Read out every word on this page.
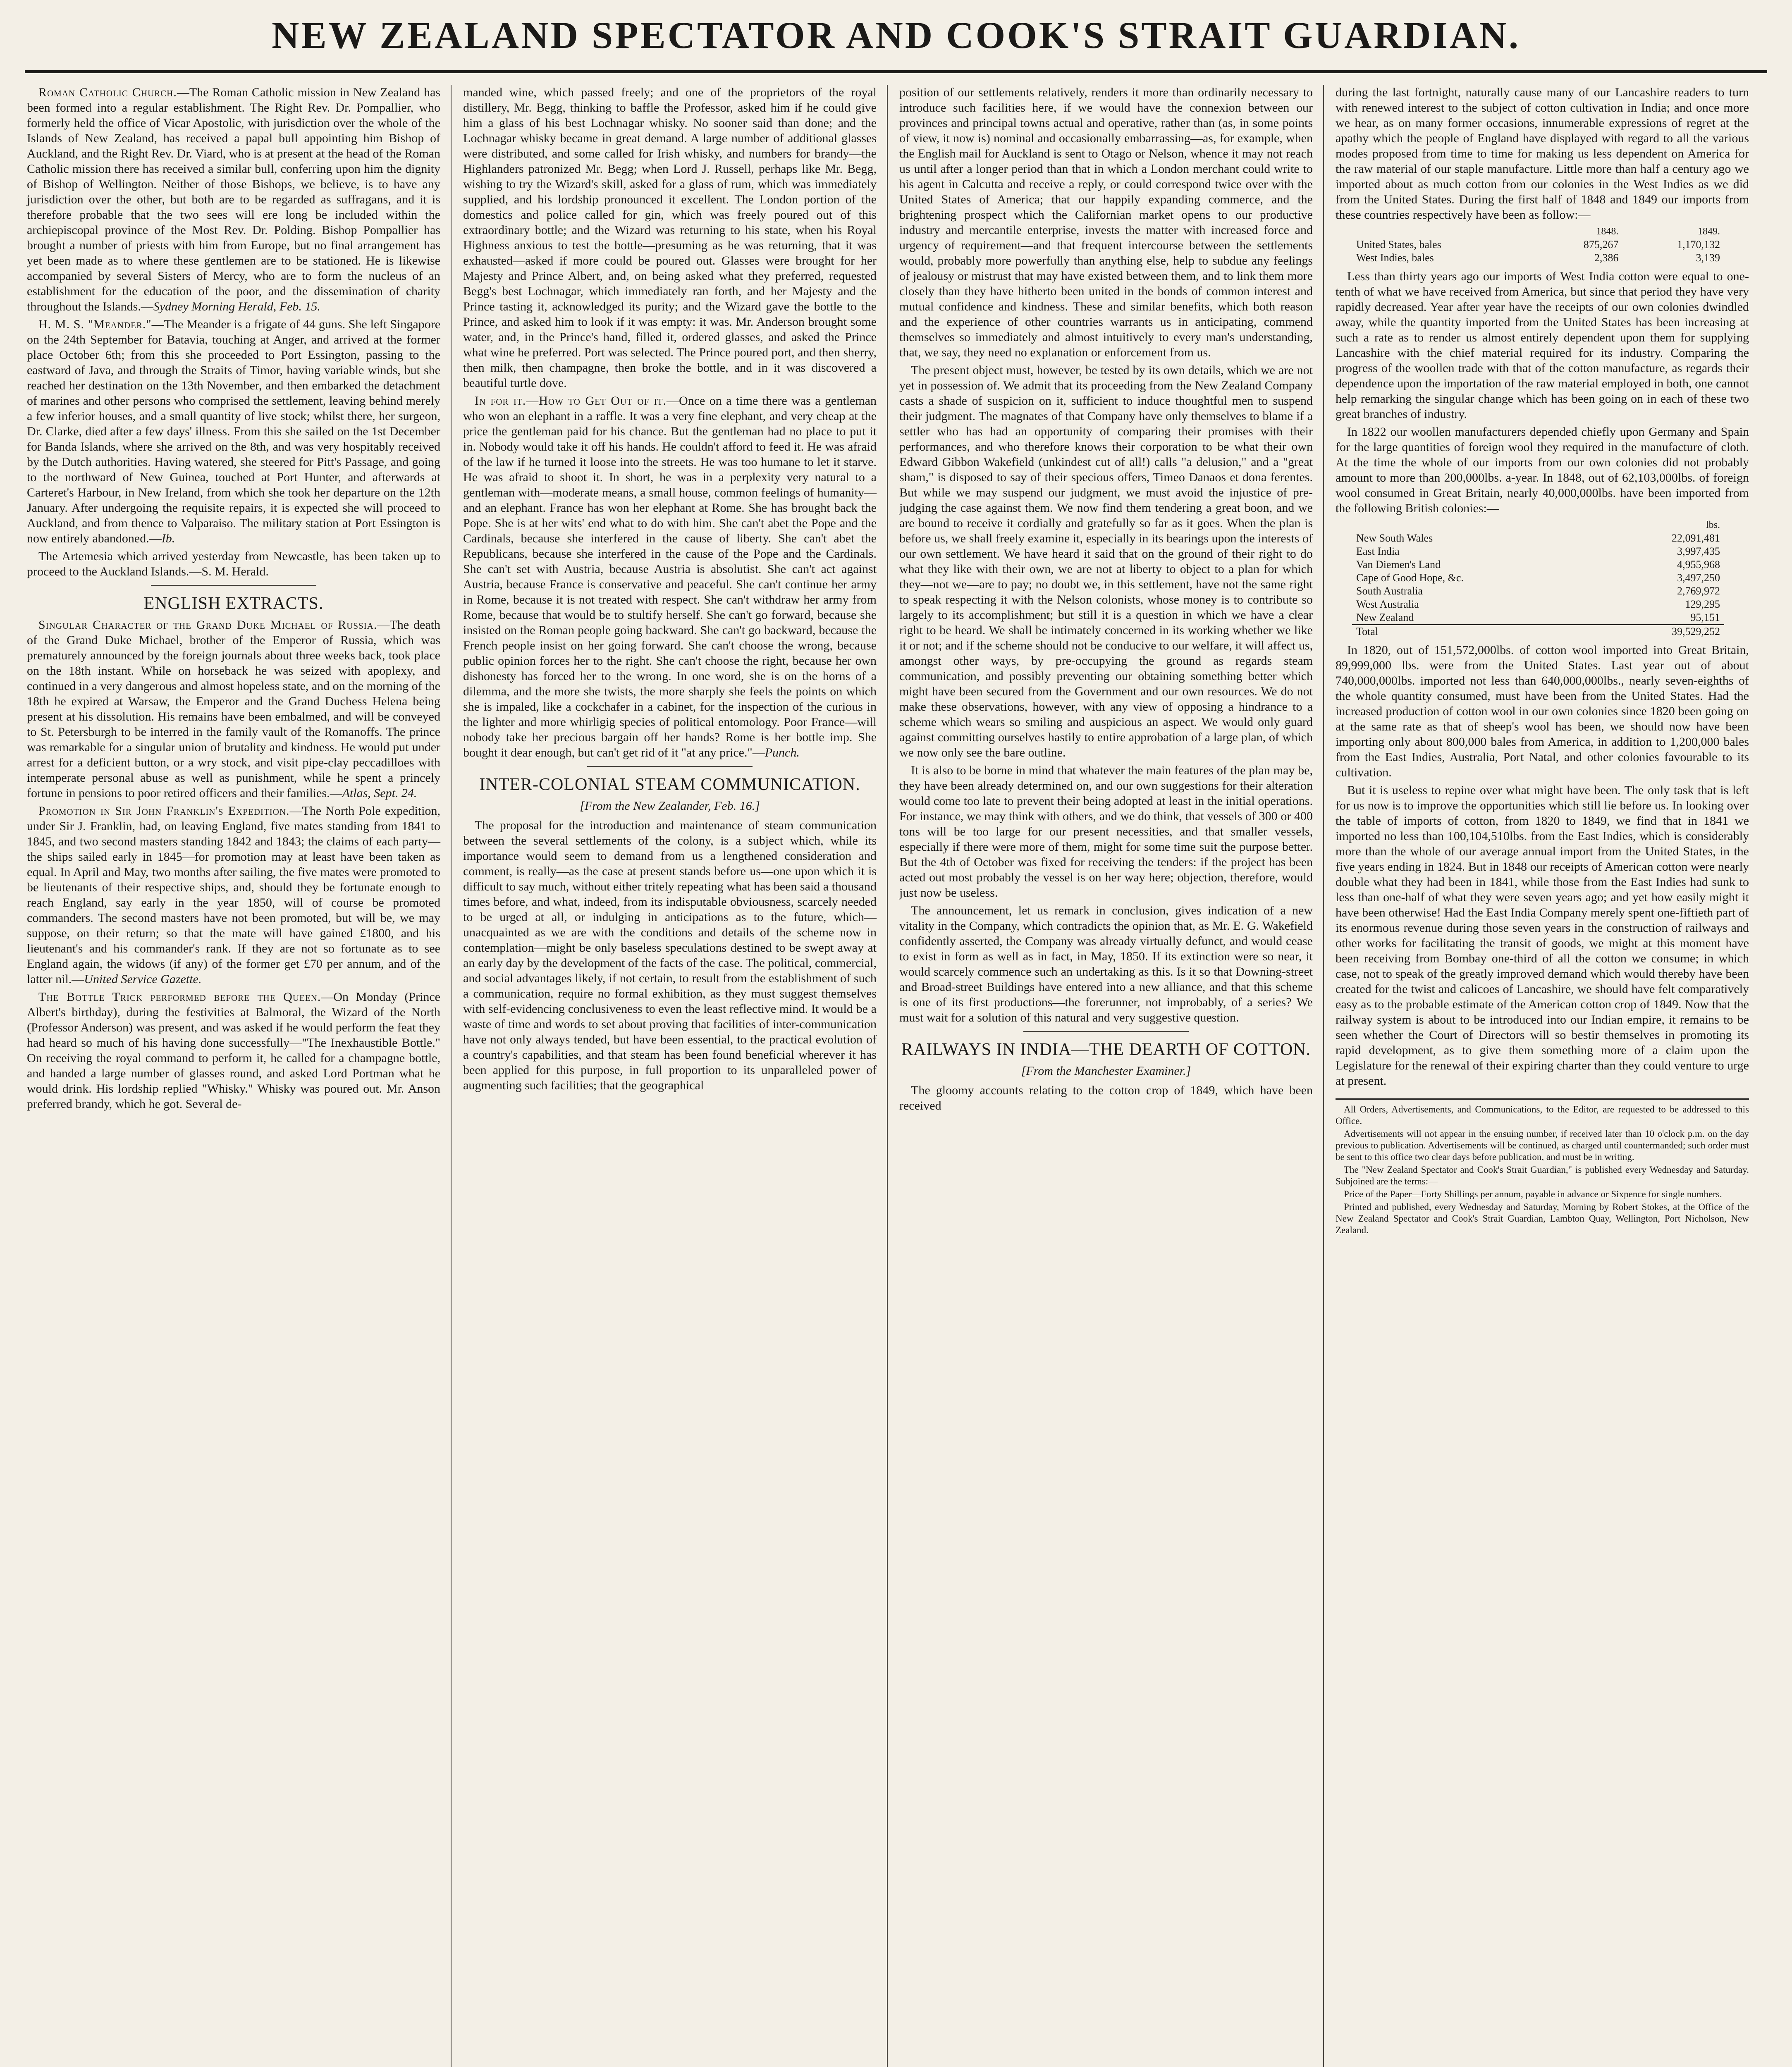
NEW ZEALAND SPECTATOR AND COOK'S STRAIT GUARDIAN.

Roman Catholic Church.—The Roman Catholic mission in New Zealand has been formed into a regular establishment. The Right Rev. Dr. Pompallier, who formerly held the office of Vicar Apostolic, with jurisdiction over the whole of the Islands of New Zealand, has received a papal bull appointing him Bishop of Auckland, and the Right Rev. Dr. Viard, who is at present at the head of the Roman Catholic mission there has received a similar bull, conferring upon him the dignity of Bishop of Wellington. Neither of those Bishops, we believe, is to have any jurisdiction over the other, but both are to be regarded as suffragans, and it is therefore probable that the two sees will ere long be included within the archiepiscopal province of the Most Rev. Dr. Polding. Bishop Pompallier has brought a number of priests with him from Europe, but no final arrangement has yet been made as to where these gentlemen are to be stationed. He is likewise accompanied by several Sisters of Mercy, who are to form the nucleus of an establishment for the education of the poor, and the dissemination of charity throughout the Islands.—Sydney Morning Herald, Feb. 15.

H. M. S. "Meander."—The Meander is a frigate of 44 guns. She left Singapore on the 24th September for Batavia, touching at Anger, and arrived at the former place October 6th; from this she proceeded to Port Essington, passing to the eastward of Java, and through the Straits of Timor, having variable winds, but she reached her destination on the 13th November, and then embarked the detachment of marines and other persons who comprised the settlement, leaving behind merely a few inferior houses, and a small quantity of live stock; whilst there, her surgeon, Dr. Clarke, died after a few days' illness. From this she sailed on the 1st December for Banda Islands, where she arrived on the 8th, and was very hospitably received by the Dutch authorities. Having watered, she steered for Pitt's Passage, and going to the northward of New Guinea, touched at Port Hunter, and afterwards at Carteret's Harbour, in New Ireland, from which she took her departure on the 12th January. After undergoing the requisite repairs, it is expected she will proceed to Auckland, and from thence to Valparaiso. The military station at Port Essington is now entirely abandoned.—Ib.

The Artemesia which arrived yesterday from Newcastle, has been taken up to proceed to the Auckland Islands.—S. M. Herald.

ENGLISH EXTRACTS.

Singular Character of the Grand Duke Michael of Russia.—The death of the Grand Duke Michael, brother of the Emperor of Russia, which was prematurely announced by the foreign journals about three weeks back, took place on the 18th instant. While on horseback he was seized with apoplexy, and continued in a very dangerous and almost hopeless state, and on the morning of the 18th he expired at Warsaw, the Emperor and the Grand Duchess Helena being present at his dissolution. His remains have been embalmed, and will be conveyed to St. Petersburgh to be interred in the family vault of the Romanoffs. The prince was remarkable for a singular union of brutality and kindness. He would put under arrest for a deficient button, or a wry stock, and visit pipe-clay peccadilloes with intemperate personal abuse as well as punishment, while he spent a princely fortune in pensions to poor retired officers and their families.—Atlas, Sept. 24.

Promotion in Sir John Franklin's Expedition.—The North Pole expedition, under Sir J. Franklin, had, on leaving England, five mates standing from 1841 to 1845, and two second masters standing 1842 and 1843; the claims of each party—the ships sailed early in 1845—for promotion may at least have been taken as equal. In April and May, two months after sailing, the five mates were promoted to be lieutenants of their respective ships, and, should they be fortunate enough to reach England, say early in the year 1850, will of course be promoted commanders. The second masters have not been promoted, but will be, we may suppose, on their return; so that the mate will have gained £1800, and his lieutenant's and his commander's rank. If they are not so fortunate as to see England again, the widows (if any) of the former get £70 per annum, and of the latter nil.—United Service Gazette.

The Bottle Trick performed before the Queen.—On Monday (Prince Albert's birthday), during the festivities at Balmoral, the Wizard of the North (Professor Anderson) was present, and was asked if he would perform the feat they had heard so much of his having done successfully—"The Inexhaustible Bottle." On receiving the royal command to perform it, he called for a champagne bottle, and handed a large number of glasses round, and asked Lord Portman what he would drink. His lordship replied "Whisky." Whisky was poured out. Mr. Anson preferred brandy, which he got. Several de-

manded wine, which passed freely; and one of the proprietors of the royal distillery, Mr. Begg, thinking to baffle the Professor, asked him if he could give him a glass of his best Lochnagar whisky. No sooner said than done; and the Lochnagar whisky became in great demand. A large number of additional glasses were distributed, and some called for Irish whisky, and numbers for brandy—the Highlanders patronized Mr. Begg; when Lord J. Russell, perhaps like Mr. Begg, wishing to try the Wizard's skill, asked for a glass of rum, which was immediately supplied, and his lordship pronounced it excellent. The London portion of the domestics and police called for gin, which was freely poured out of this extraordinary bottle; and the Wizard was returning to his state, when his Royal Highness anxious to test the bottle—presuming as he was returning, that it was exhausted—asked if more could be poured out. Glasses were brought for her Majesty and Prince Albert, and, on being asked what they preferred, requested Begg's best Lochnagar, which immediately ran forth, and her Majesty and the Prince tasting it, acknowledged its purity; and the Wizard gave the bottle to the Prince, and asked him to look if it was empty: it was. Mr. Anderson brought some water, and, in the Prince's hand, filled it, ordered glasses, and asked the Prince what wine he preferred. Port was selected. The Prince poured port, and then sherry, then milk, then champagne, then broke the bottle, and in it was discovered a beautiful turtle dove.

In for it.—How to Get Out of it.—Once on a time there was a gentleman who won an elephant in a raffle. It was a very fine elephant, and very cheap at the price the gentleman paid for his chance. But the gentleman had no place to put it in. Nobody would take it off his hands. He couldn't afford to feed it. He was afraid of the law if he turned it loose into the streets. He was too humane to let it starve. He was afraid to shoot it. In short, he was in a perplexity very natural to a gentleman with—moderate means, a small house, common feelings of humanity—and an elephant. France has won her elephant at Rome. She has brought back the Pope. She is at her wits' end what to do with him. She can't abet the Pope and the Cardinals, because she interfered in the cause of liberty. She can't abet the Republicans, because she interfered in the cause of the Pope and the Cardinals. She can't set with Austria, because Austria is absolutist. She can't act against Austria, because France is conservative and peaceful. She can't continue her army in Rome, because it is not treated with respect. She can't withdraw her army from Rome, because that would be to stultify herself. She can't go forward, because she insisted on the Roman people going backward. She can't go backward, because the French people insist on her going forward. She can't choose the wrong, because public opinion forces her to the right. She can't choose the right, because her own dishonesty has forced her to the wrong. In one word, she is on the horns of a dilemma, and the more she twists, the more sharply she feels the points on which she is impaled, like a cockchafer in a cabinet, for the inspection of the curious in the lighter and more whirligig species of political entomology. Poor France—will nobody take her precious bargain off her hands? Rome is her bottle imp. She bought it dear enough, but can't get rid of it "at any price."—Punch.

INTER-COLONIAL STEAM COMMUNICATION.
[From the New Zealander, Feb. 16.]

The proposal for the introduction and maintenance of steam communication between the several settlements of the colony, is a subject which, while its importance would seem to demand from us a lengthened consideration and comment, is really—as the case at present stands before us—one upon which it is difficult to say much, without either tritely repeating what has been said a thousand times before, and what, indeed, from its indisputable obviousness, scarcely needed to be urged at all, or indulging in anticipations as to the future, which—unacquainted as we are with the conditions and details of the scheme now in contemplation—might be only baseless speculations destined to be swept away at an early day by the development of the facts of the case. The political, commercial, and social advantages likely, if not certain, to result from the establishment of such a communication, require no formal exhibition, as they must suggest themselves with self-evidencing conclusiveness to even the least reflective mind. It would be a waste of time and words to set about proving that facilities of inter-communication have not only always tended, but have been essential, to the practical evolution of a country's capabilities, and that steam has been found beneficial wherever it has been applied for this purpose, in full proportion to its unparalleled power of augmenting such facilities; that the geographical

position of our settlements relatively, renders it more than ordinarily necessary to introduce such facilities here, if we would have the connexion between our provinces and principal towns actual and operative, rather than (as, in some points of view, it now is) nominal and occasionally embarrassing—as, for example, when the English mail for Auckland is sent to Otago or Nelson, whence it may not reach us until after a longer period than that in which a London merchant could write to his agent in Calcutta and receive a reply, or could correspond twice over with the United States of America; that our happily expanding commerce, and the brightening prospect which the Californian market opens to our productive industry and mercantile enterprise, invests the matter with increased force and urgency of requirement—and that frequent intercourse between the settlements would, probably more powerfully than anything else, help to subdue any feelings of jealousy or mistrust that may have existed between them, and to link them more closely than they have hitherto been united in the bonds of common interest and mutual confidence and kindness. These and similar benefits, which both reason and the experience of other countries warrants us in anticipating, commend themselves so immediately and almost intuitively to every man's understanding, that, we say, they need no explanation or enforcement from us.

The present object must, however, be tested by its own details, which we are not yet in possession of. We admit that its proceeding from the New Zealand Company casts a shade of suspicion on it, sufficient to induce thoughtful men to suspend their judgment. The magnates of that Company have only themselves to blame if a settler who has had an opportunity of comparing their promises with their performances, and who therefore knows their corporation to be what their own Edward Gibbon Wakefield (unkindest cut of all!) calls "a delusion," and a "great sham," is disposed to say of their specious offers, Timeo Danaos et dona ferentes. But while we may suspend our judgment, we must avoid the injustice of pre-judging the case against them. We now find them tendering a great boon, and we are bound to receive it cordially and gratefully so far as it goes. When the plan is before us, we shall freely examine it, especially in its bearings upon the interests of our own settlement. We have heard it said that on the ground of their right to do what they like with their own, we are not at liberty to object to a plan for which they—not we—are to pay; no doubt we, in this settlement, have not the same right to speak respecting it with the Nelson colonists, whose money is to contribute so largely to its accomplishment; but still it is a question in which we have a clear right to be heard. We shall be intimately concerned in its working whether we like it or not; and if the scheme should not be conducive to our welfare, it will affect us, amongst other ways, by pre-occupying the ground as regards steam communication, and possibly preventing our obtaining something better which might have been secured from the Government and our own resources. We do not make these observations, however, with any view of opposing a hindrance to a scheme which wears so smiling and auspicious an aspect. We would only guard against committing ourselves hastily to entire approbation of a large plan, of which we now only see the bare outline.

It is also to be borne in mind that whatever the main features of the plan may be, they have been already determined on, and our own suggestions for their alteration would come too late to prevent their being adopted at least in the initial operations. For instance, we may think with others, and we do think, that vessels of 300 or 400 tons will be too large for our present necessities, and that smaller vessels, especially if there were more of them, might for some time suit the purpose better. But the 4th of October was fixed for receiving the tenders: if the project has been acted out most probably the vessel is on her way here; objection, therefore, would just now be useless.

The announcement, let us remark in conclusion, gives indication of a new vitality in the Company, which contradicts the opinion that, as Mr. E. G. Wakefield confidently asserted, the Company was already virtually defunct, and would cease to exist in form as well as in fact, in May, 1850. If its extinction were so near, it would scarcely commence such an undertaking as this. Is it so that Downing-street and Broad-street Buildings have entered into a new alliance, and that this scheme is one of its first productions—the forerunner, not improbably, of a series? We must wait for a solution of this natural and very suggestive question.

RAILWAYS IN INDIA—THE DEARTH OF COTTON.
[From the Manchester Examiner.]

The gloomy accounts relating to the cotton crop of 1849, which have been received

during the last fortnight, naturally cause many of our Lancashire readers to turn with renewed interest to the subject of cotton cultivation in India; and once more we hear, as on many former occasions, innumerable expressions of regret at the apathy which the people of England have displayed with regard to all the various modes proposed from time to time for making us less dependent on America for the raw material of our staple manufacture. Little more than half a century ago we imported about as much cotton from our colonies in the West Indies as we did from the United States. During the first half of 1848 and 1849 our imports from these countries respectively have been as follow:—

	1848.	1849.
United States, bales	875,267	1,170,132
West Indies, bales	2,386	3,139

Less than thirty years ago our imports of West India cotton were equal to one-tenth of what we have received from America, but since that period they have very rapidly decreased. Year after year have the receipts of our own colonies dwindled away, while the quantity imported from the United States has been increasing at such a rate as to render us almost entirely dependent upon them for supplying Lancashire with the chief material required for its industry. Comparing the progress of the woollen trade with that of the cotton manufacture, as regards their dependence upon the importation of the raw material employed in both, one cannot help remarking the singular change which has been going on in each of these two great branches of industry.

In 1822 our woollen manufacturers depended chiefly upon Germany and Spain for the large quantities of foreign wool they required in the manufacture of cloth. At the time the whole of our imports from our own colonies did not probably amount to more than 200,000lbs. a-year. In 1848, out of 62,103,000lbs. of foreign wool consumed in Great Britain, nearly 40,000,000lbs. have been imported from the following British colonies:—

	lbs.
New South Wales	22,091,481
East India	3,997,435
Van Diemen's Land	4,955,968
Cape of Good Hope, &c.	3,497,250
South Australia	2,769,972
West Australia	129,295
New Zealand	95,151
Total	39,529,252

In 1820, out of 151,572,000lbs. of cotton wool imported into Great Britain, 89,999,000 lbs. were from the United States. Last year out of about 740,000,000lbs. imported not less than 640,000,000lbs., nearly seven-eighths of the whole quantity consumed, must have been from the United States. Had the increased production of cotton wool in our own colonies since 1820 been going on at the same rate as that of sheep's wool has been, we should now have been importing only about 800,000 bales from America, in addition to 1,200,000 bales from the East Indies, Australia, Port Natal, and other colonies favourable to its cultivation.

But it is useless to repine over what might have been. The only task that is left for us now is to improve the opportunities which still lie before us. In looking over the table of imports of cotton, from 1820 to 1849, we find that in 1841 we imported no less than 100,104,510lbs. from the East Indies, which is considerably more than the whole of our average annual import from the United States, in the five years ending in 1824. But in 1848 our receipts of American cotton were nearly double what they had been in 1841, while those from the East Indies had sunk to less than one-half of what they were seven years ago; and yet how easily might it have been otherwise! Had the East India Company merely spent one-fiftieth part of its enormous revenue during those seven years in the construction of railways and other works for facilitating the transit of goods, we might at this moment have been receiving from Bombay one-third of all the cotton we consume; in which case, not to speak of the greatly improved demand which would thereby have been created for the twist and calicoes of Lancashire, we should have felt comparatively easy as to the probable estimate of the American cotton crop of 1849. Now that the railway system is about to be introduced into our Indian empire, it remains to be seen whether the Court of Directors will so bestir themselves in promoting its rapid development, as to give them something more of a claim upon the Legislature for the renewal of their expiring charter than they could venture to urge at present.

All Orders, Advertisements, and Communications, to the Editor, are requested to be addressed to this Office.

Advertisements will not appear in the ensuing number, if received later than 10 o'clock p.m. on the day previous to publication. Advertisements will be continued, as charged until countermanded; such order must be sent to this office two clear days before publication, and must be in writing.

The "New Zealand Spectator and Cook's Strait Guardian," is published every Wednesday and Saturday. Subjoined are the terms:—

Price of the Paper—Forty Shillings per annum, payable in advance or Sixpence for single numbers.

Printed and published, every Wednesday and Saturday, Morning by Robert Stokes, at the Office of the New Zealand Spectator and Cook's Strait Guardian, Lambton Quay, Wellington, Port Nicholson, New Zealand.
